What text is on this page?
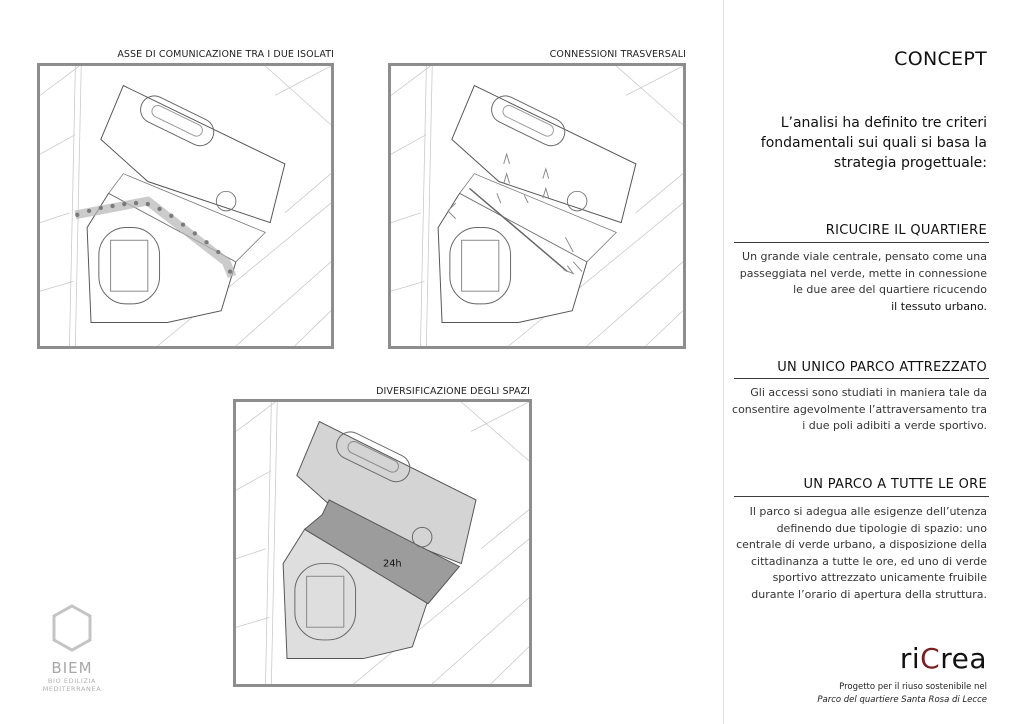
ASSE DI COMUNICAZIONE TRA I DUE ISOLATI	CONNESSIONI TRASVERSALI
DIVERSIFICAZIONE DEGLI SPAZI
24h
CONCEPT
L’analisi ha definito tre criteri fondamentali sui quali si basa la strategia progettuale:
RICUCIRE IL QUARTIERE
Un grande viale centrale, pensato come una passeggiata nel verde, mette in connessione le due aree del quartiere ricucendo
il tessuto urbano.
UN UNICO PARCO ATTREZZATO
Gli accessi sono studiati in maniera tale da consentire agevolmente l’attraversamento tra i due poli adibiti a verde sportivo.
UN PARCO A TUTTE LE ORE
Il parco si adegua alle esigenze dell’utenza definendo due tipologie di spazio: uno centrale di verde urbano, a disposizione della cittadinanza a tutte le ore, ed uno di verde sportivo attrezzato unicamente fruibile durante l’orario di apertura della struttura.
BIEM
BIO EDILIZIA
MEDITERRANEA
riCrea
Progetto per il riuso sostenibile nel
Parco del quartiere Santa Rosa di Lecce
